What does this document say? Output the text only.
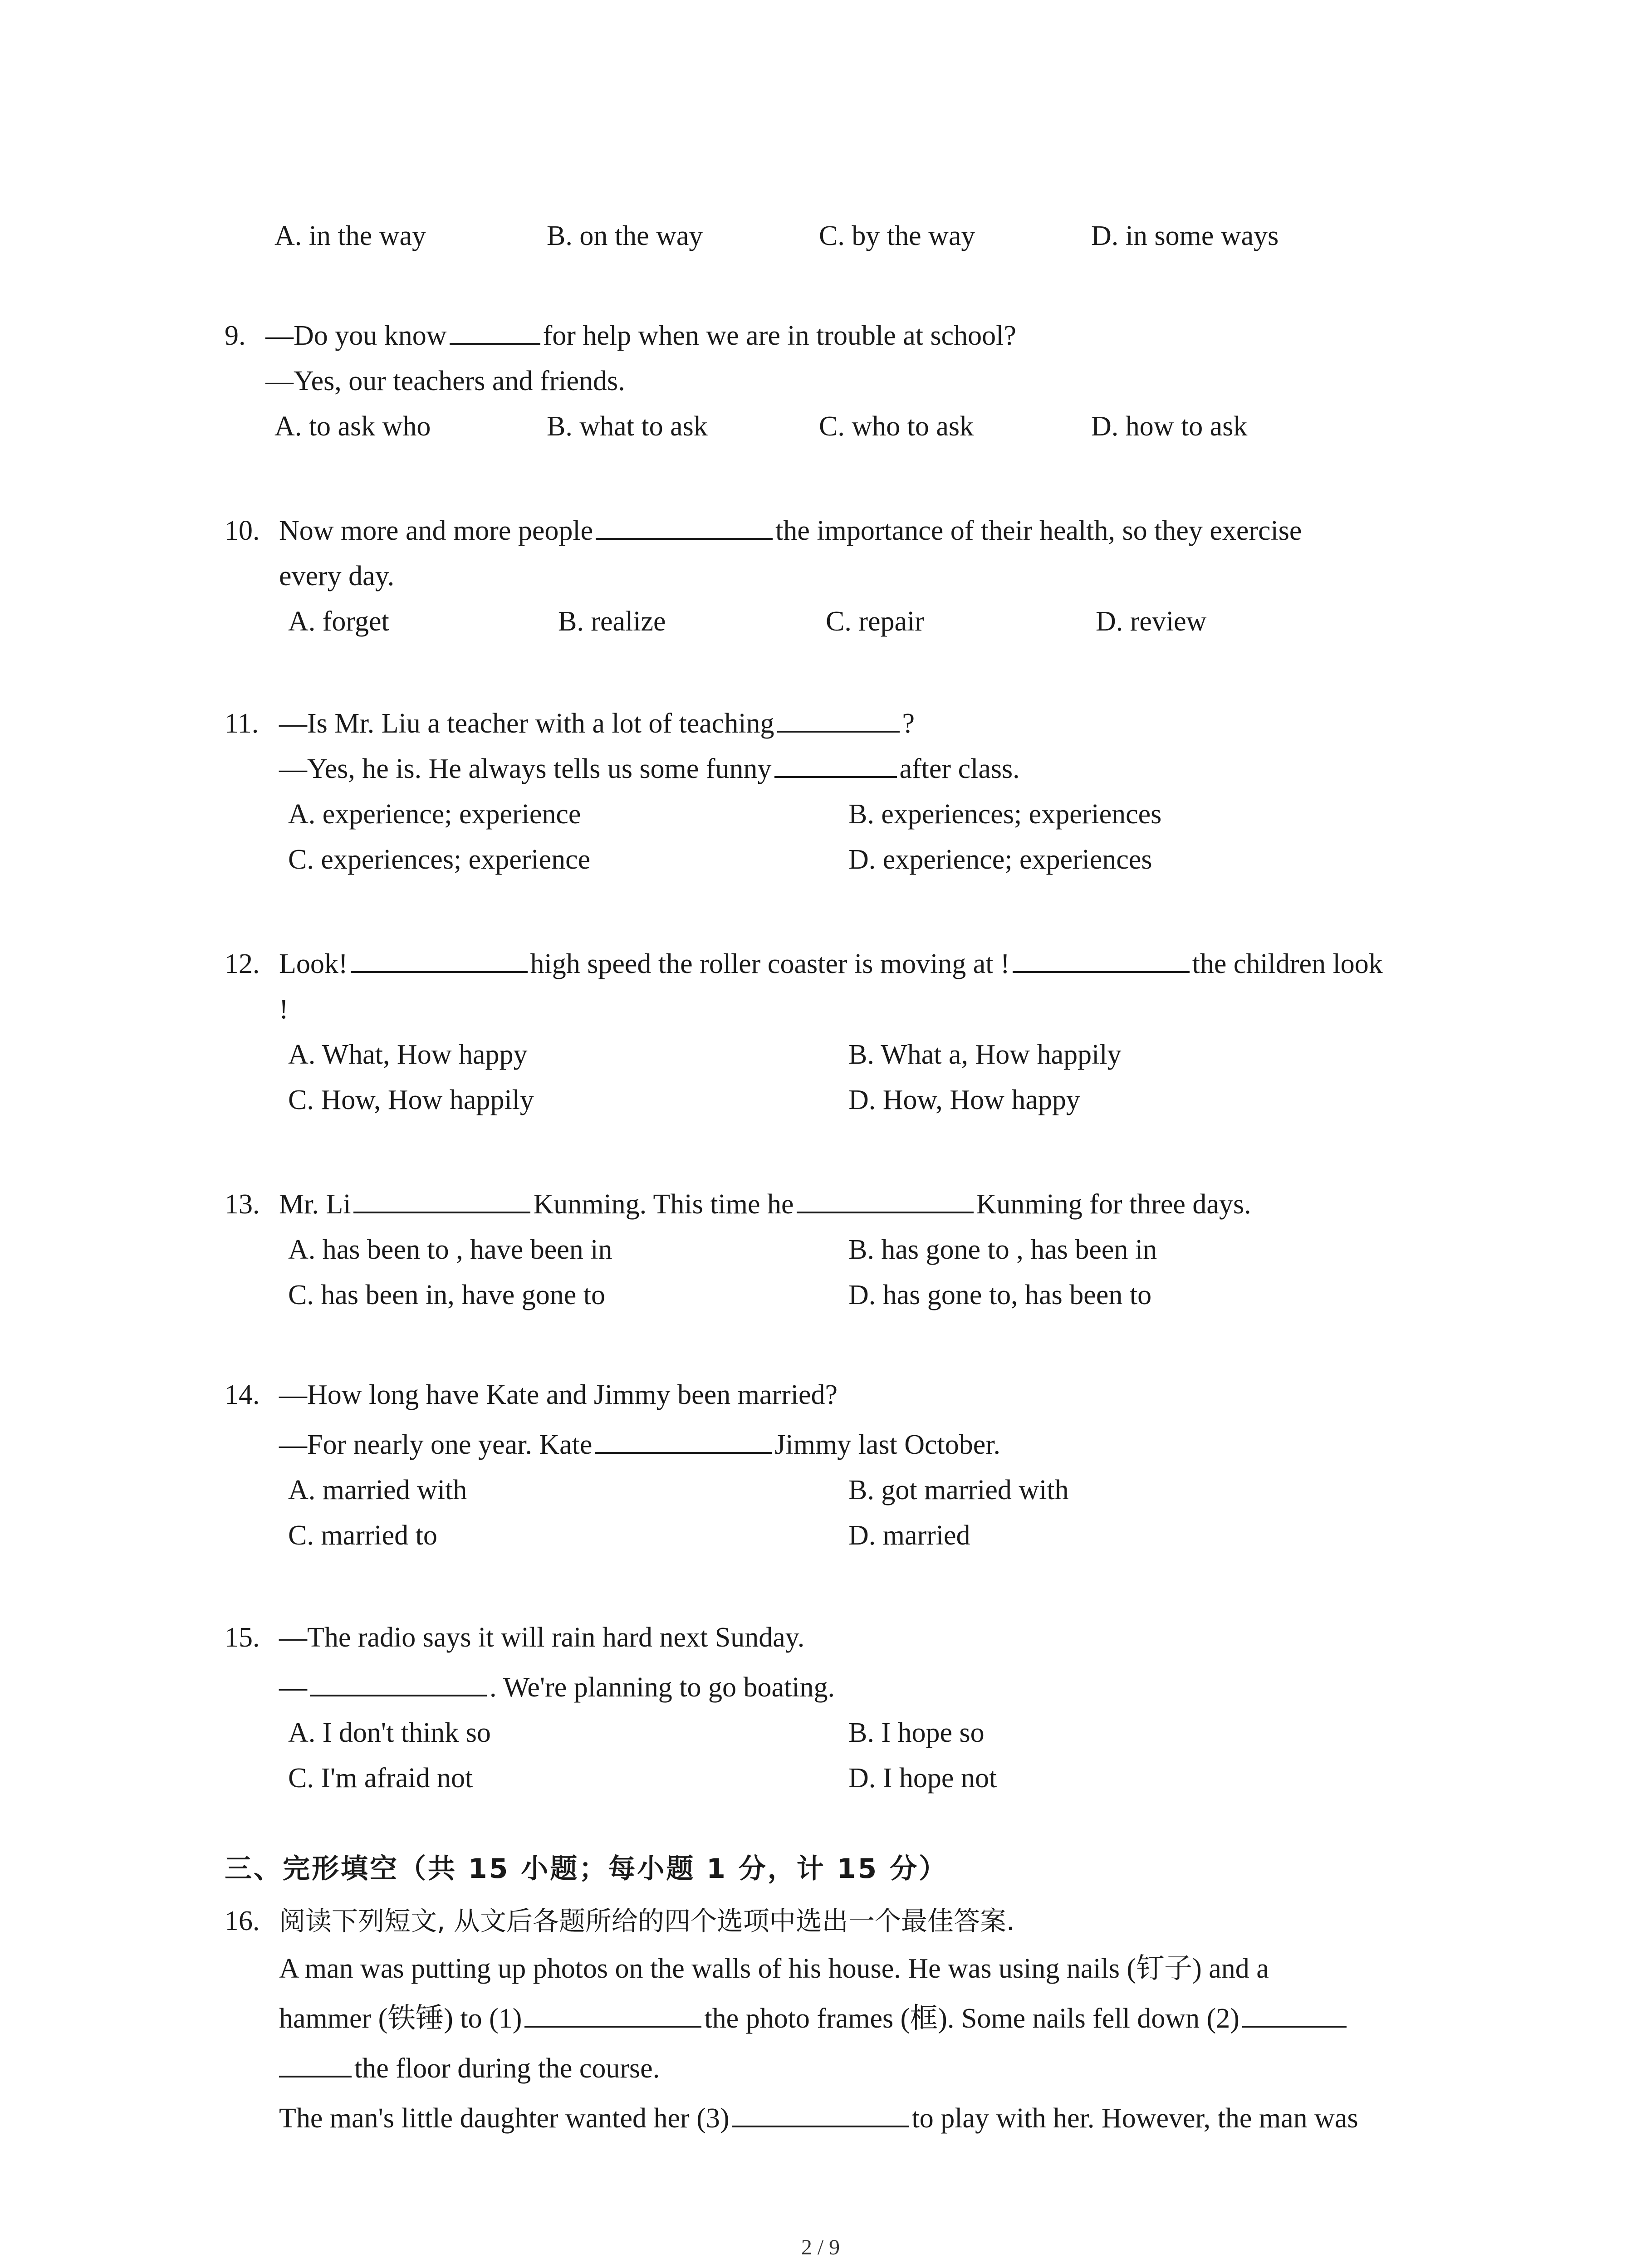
A. in the way	B. on the way	C. by the way	D. in some ways
9. —Do you know	for help when we are in trouble at school?
—Yes, our teachers and friends.
A. to ask who	B. what to ask	C. who to ask	D. how to ask
10. Now more and more people	the importance of their health, so they exercise
every day.
A. forget	B. realize	C. repair	D. review
11. —Is Mr. Liu a teacher with a lot of teaching	?
—Yes, he is. He always tells us some funny	after class.
A. experience; experience	B. experiences; experiences
C. experiences; experience	D. experience; experiences
12. Look!	high speed the roller coaster is moving at !	the children look
!
A. What, How happy	B. What a, How happily
C. How, How happily	D. How, How happy
13. Mr. Li	Kunming. This time he	Kunming for three days.
A. has been to , have been in	B. has gone to , has been in
C. has been in, have gone to	D. has gone to, has been to
14. —How long have Kate and Jimmy been married?
—For nearly one year. Kate	Jimmy last October.
A. married with	B. got married with
C. married to	D. married
15. —The radio says it will rain hard next Sunday.
—	. We're planning to go boating.
A. I don't think so	B. I hope so
C. I'm afraid not	D. I hope not
三、完形填空（共 15 小题；每小题 1 分，计 15 分）
16. 阅读下列短文, 从文后各题所给的四个选项中选出一个最佳答案.
A man was putting up photos on the walls of his house. He was using nails (钉子) and a
hammer (铁锤) to (1)	the photo frames (框). Some nails fell down (2)
the floor during the course.
The man's little daughter wanted her (3)	to play with her. However, the man was
2 / 9
